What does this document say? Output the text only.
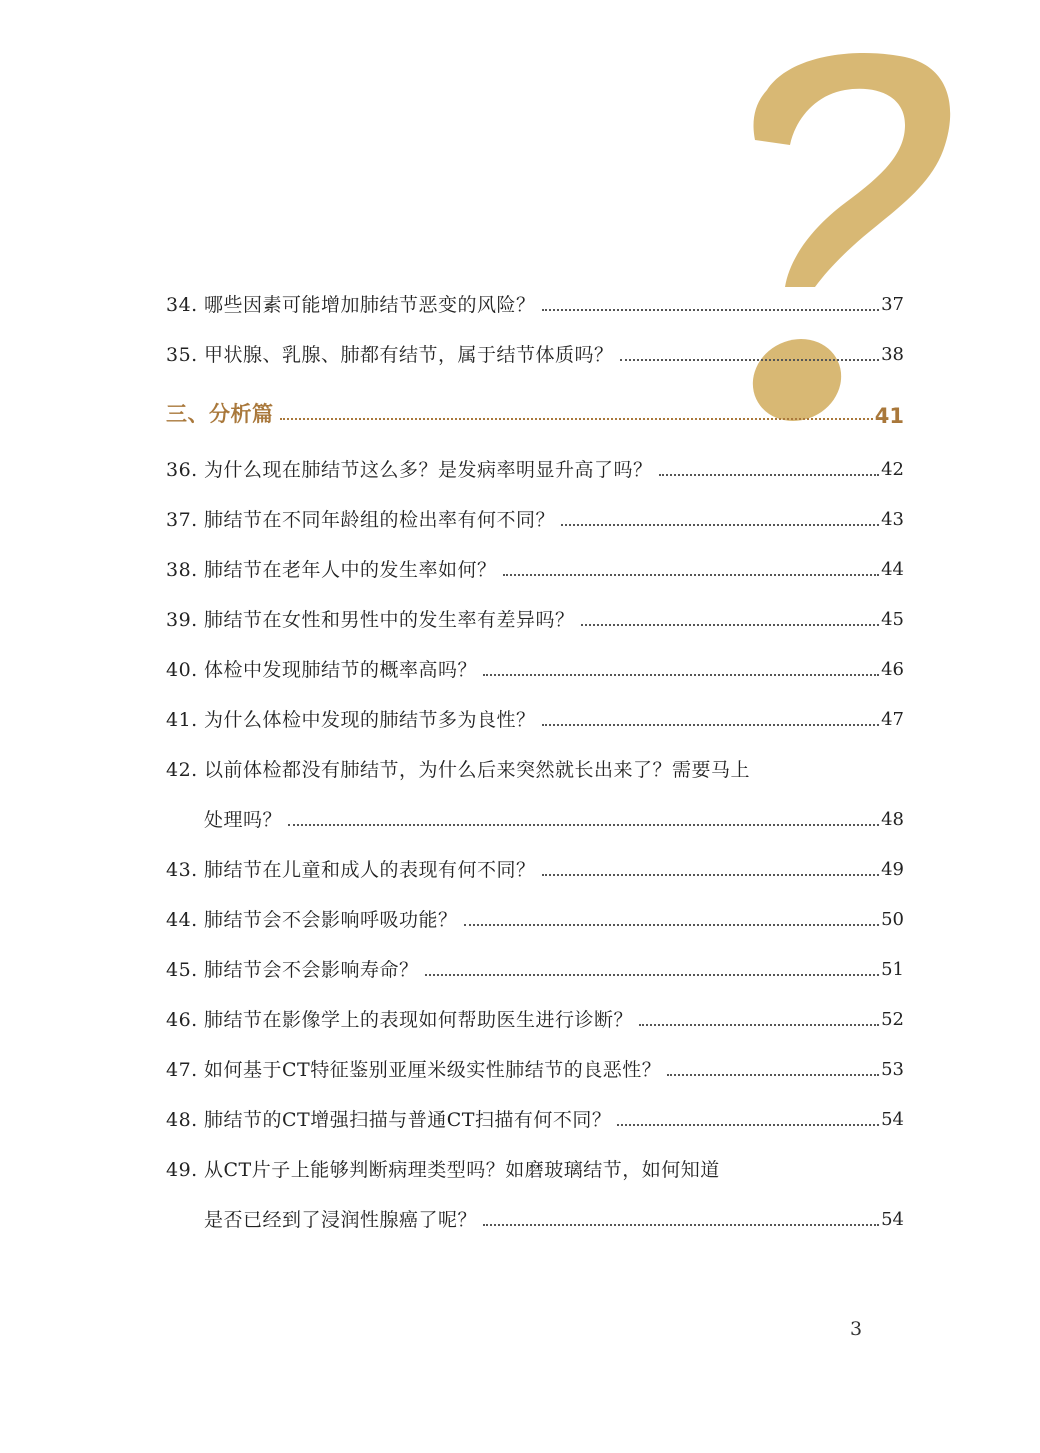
34. 哪些因素可能增加肺结节恶变的风险？	37
35. 甲状腺、乳腺、肺都有结节，属于结节体质吗？	38
三、分析篇	41
36. 为什么现在肺结节这么多？是发病率明显升高了吗？	42
37. 肺结节在不同年龄组的检出率有何不同？	43
38. 肺结节在老年人中的发生率如何？	44
39. 肺结节在女性和男性中的发生率有差异吗？	45
40. 体检中发现肺结节的概率高吗？	46
41. 为什么体检中发现的肺结节多为良性？	47
42. 以前体检都没有肺结节，为什么后来突然就长出来了？需要马上
处理吗？	48
43. 肺结节在儿童和成人的表现有何不同？	49
44. 肺结节会不会影响呼吸功能？	50
45. 肺结节会不会影响寿命？	51
46. 肺结节在影像学上的表现如何帮助医生进行诊断？	52
47. 如何基于CT特征鉴别亚厘米级实性肺结节的良恶性？	53
48. 肺结节的CT增强扫描与普通CT扫描有何不同？	54
49. 从CT片子上能够判断病理类型吗？如磨玻璃结节，如何知道
是否已经到了浸润性腺癌了呢？	54
3
